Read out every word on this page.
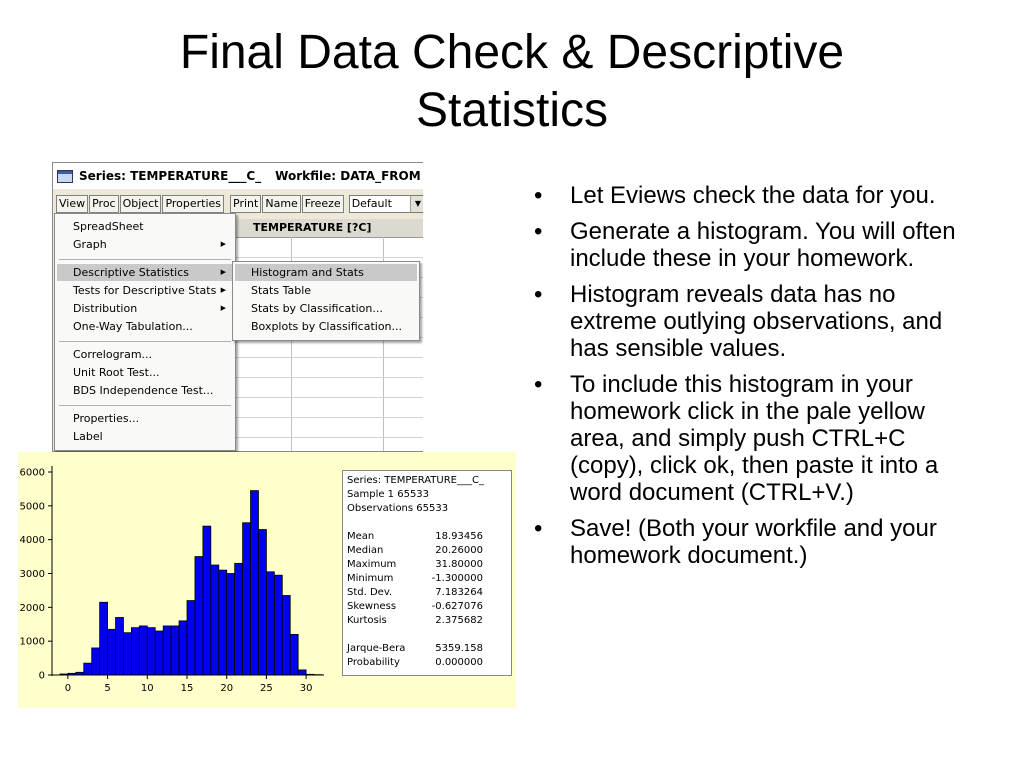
Final Data Check & Descriptive
Statistics
Series: TEMPERATURE___C_ Workfile: DATA_FROM
View Proc Object Properties Print Name Freeze Default	▼
TEMPERATURE [?C]
SpreadSheet
Graph	▶
Descriptive Statistics	▶
Tests for Descriptive Stats ▶
Distribution	▶
One-Way Tabulation...
Correlogram...
Unit Root Test...
BDS Independence Test...
Properties...
Label
Histogram and Stats
Stats Table
Stats by Classification...
Boxplots by Classification...
0
1000
2000
3000
4000
5000
6000
0	5	10	15	20	25	30
Series: TEMPERATURE___C_
Sample 1 65533
Observations 65533
Mean	18.93456
Median	20.26000
Maximum	31.80000
Minimum	-1.300000
Std. Dev.	7.183264
Skewness	-0.627076
Kurtosis	2.375682
Jarque-Bera	5359.158
Probability	0.000000
• Let Eviews check the data for you.
• Generate a histogram. You will often include these in your homework.
• Histogram reveals data has no extreme outlying observations, and has sensible values.
• To include this histogram in your homework click in the pale yellow area, and simply push CTRL+C (copy), click ok, then paste it into a word document (CTRL+V.)
• Save! (Both your workfile and your homework document.)
